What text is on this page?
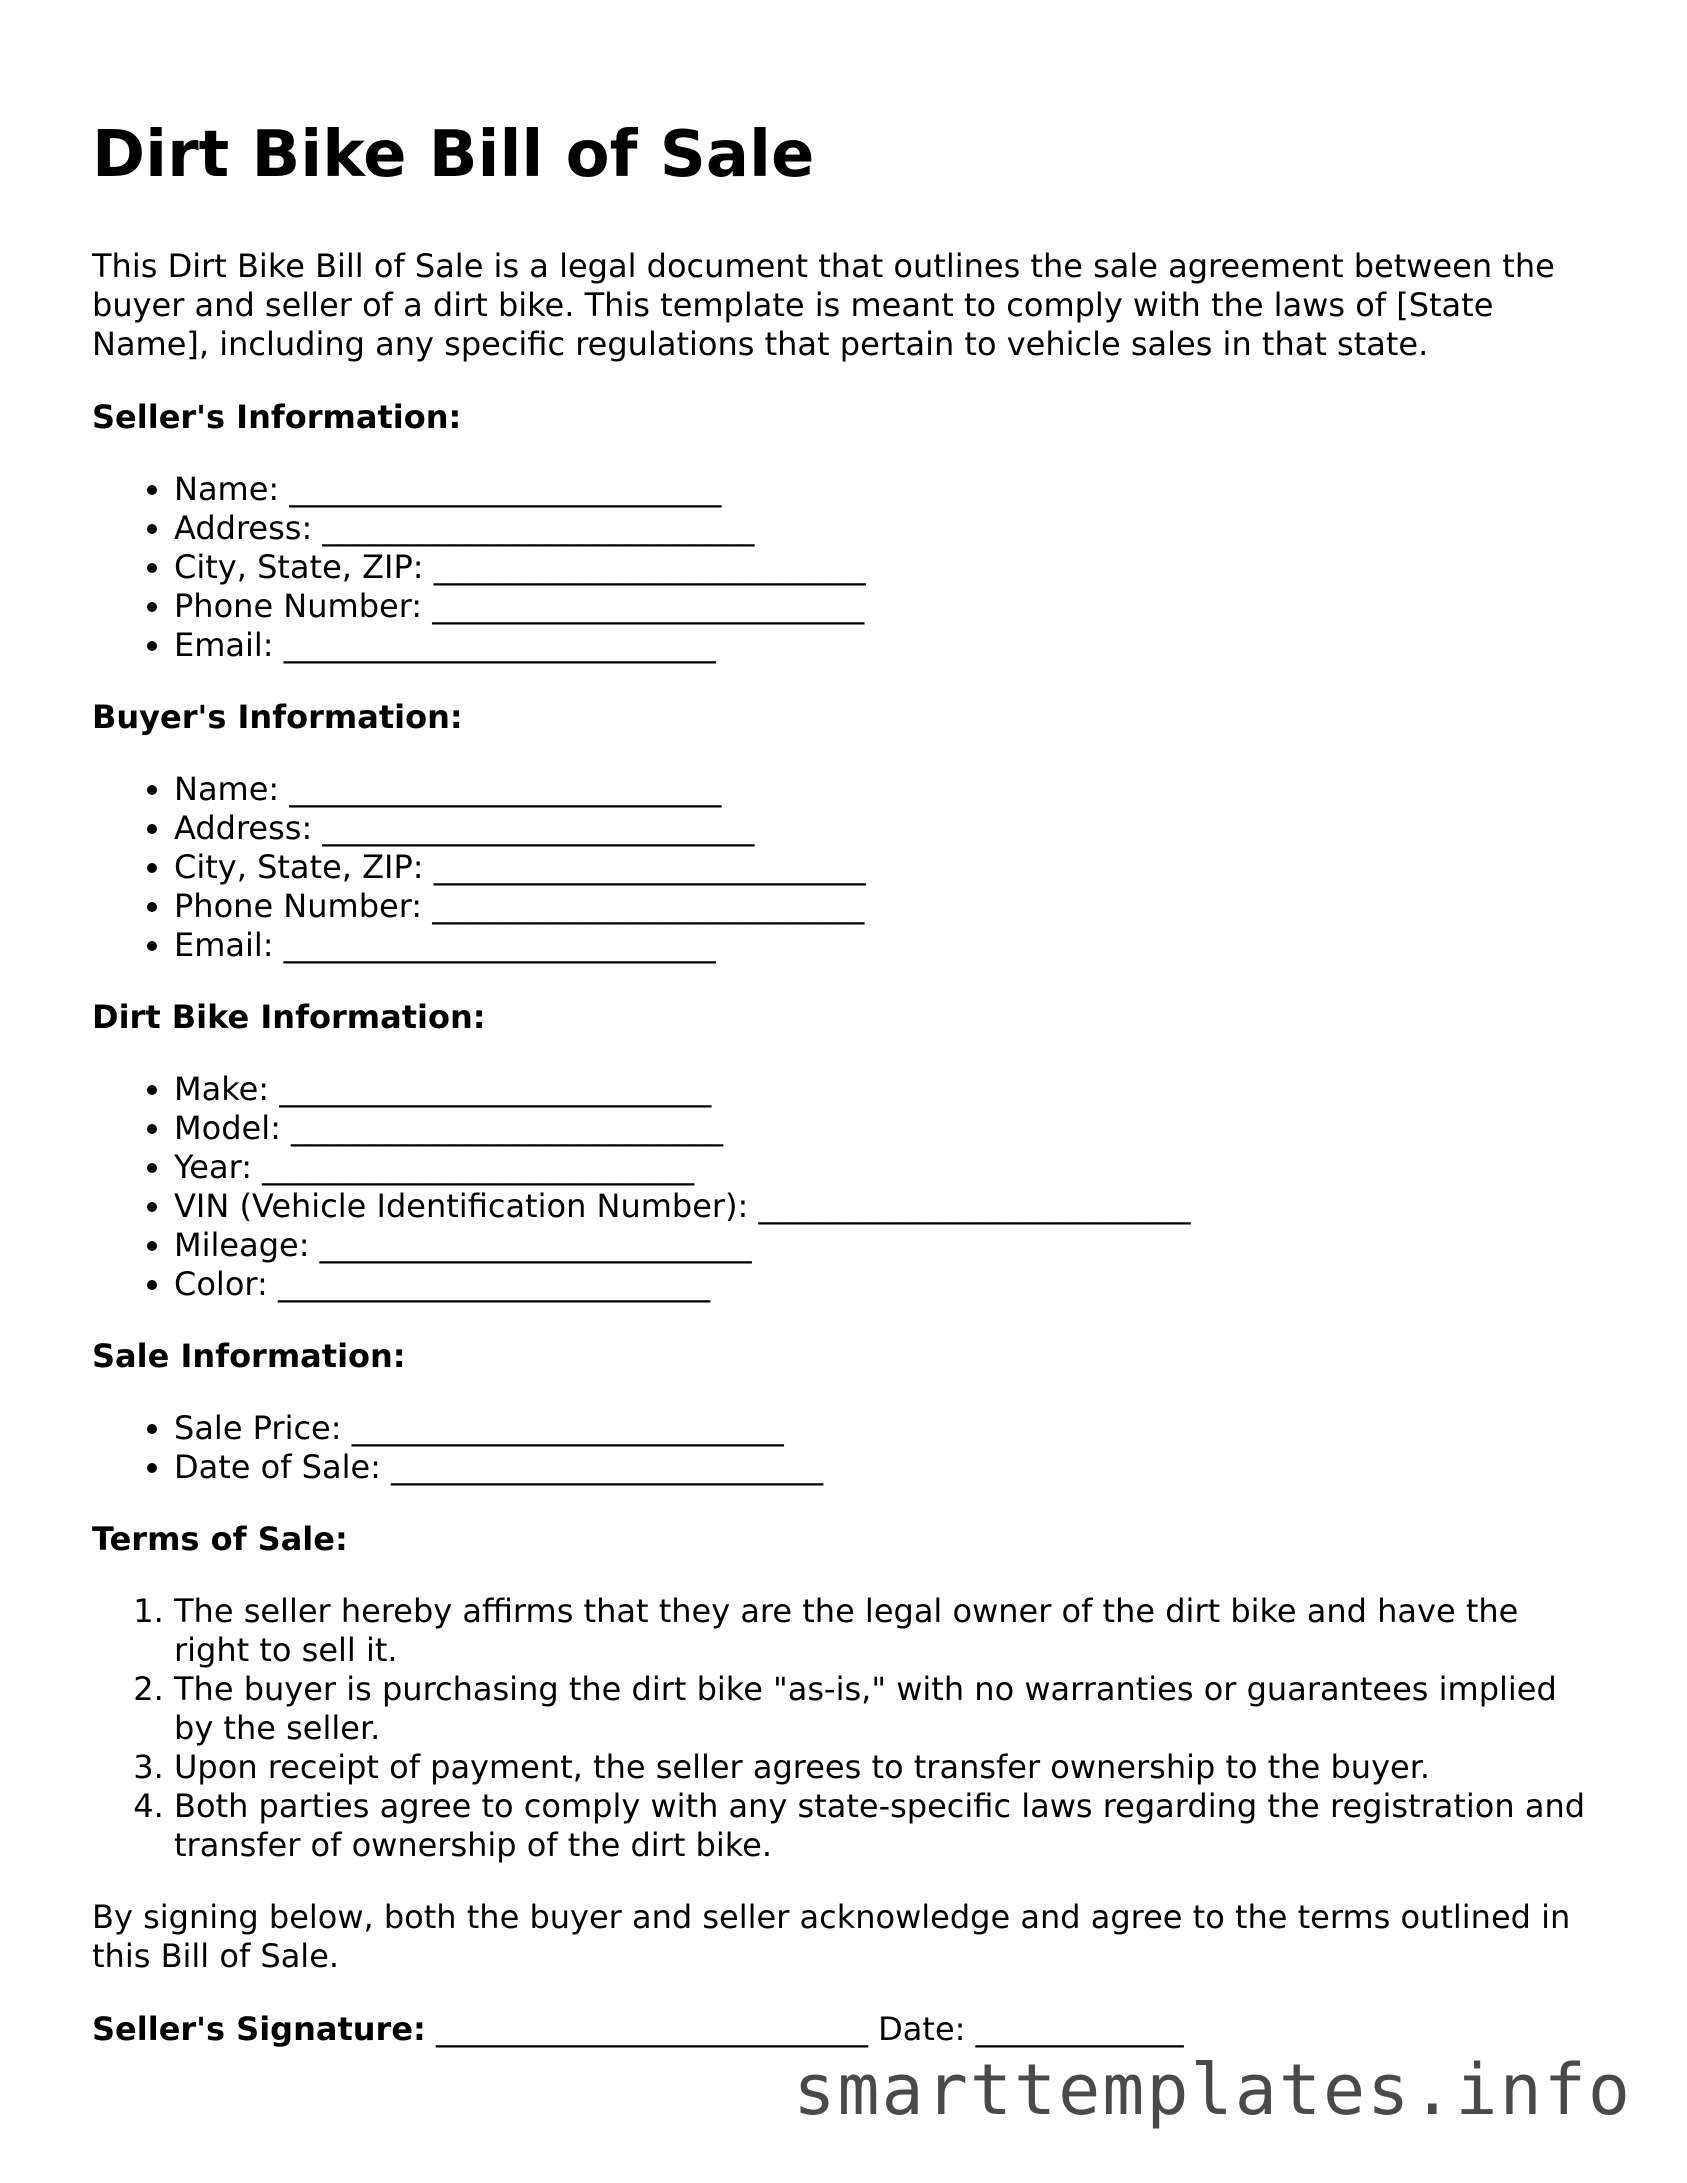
Dirt Bike Bill of Sale

This Dirt Bike Bill of Sale is a legal document that outlines the sale agreement between the buyer and seller of a dirt bike. This template is meant to comply with the laws of [State Name], including any specific regulations that pertain to vehicle sales in that state.

Seller's Information:
• Name: ___________________________
• Address: ___________________________
• City, State, ZIP: ___________________________
• Phone Number: ___________________________
• Email: ___________________________
Buyer's Information:
• Name: ___________________________
• Address: ___________________________
• City, State, ZIP: ___________________________
• Phone Number: ___________________________
• Email: ___________________________
Dirt Bike Information:
• Make: ___________________________
• Model: ___________________________
• Year: ___________________________
• VIN (Vehicle Identification Number): ___________________________
• Mileage: ___________________________
• Color: ___________________________
Sale Information:
• Sale Price: ___________________________
• Date of Sale: ___________________________
Terms of Sale:
1. The seller hereby affirms that they are the legal owner of the dirt bike and have the right to sell it.
2. The buyer is purchasing the dirt bike "as-is," with no warranties or guarantees implied by the seller.
3. Upon receipt of payment, the seller agrees to transfer ownership to the buyer.
4. Both parties agree to comply with any state-specific laws regarding the registration and transfer of ownership of the dirt bike.

By signing below, both the buyer and seller acknowledge and agree to the terms outlined in this Bill of Sale.

Seller's Signature: ___________________________ Date: _____________
smarttemplates.info
